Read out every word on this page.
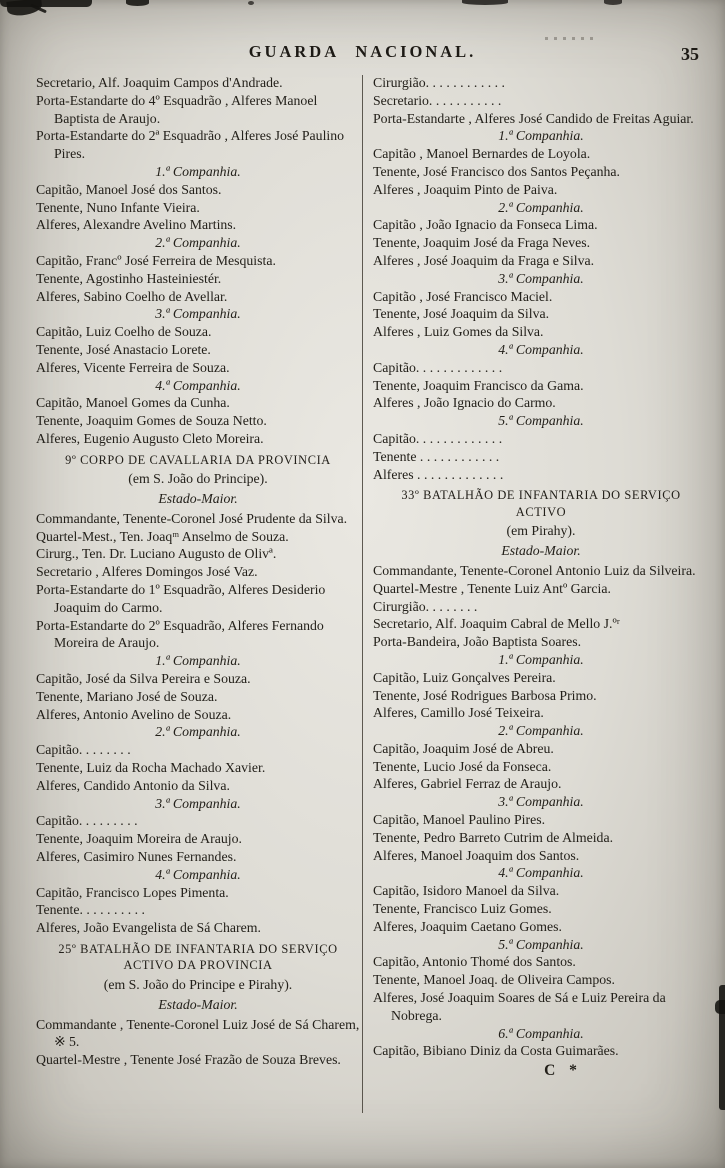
GUARDA NACIONAL.	35

Secretario, Alf. Joaquim Campos d'Andrade.

Porta-Estandarte do 4º Esquadrão , Alferes Manoel Baptista de Araujo.

Porta-Estandarte do 2ª Esquadrão , Alferes José Paulino Pires.

1.ª Companhia.

Capitão, Manoel José dos Santos.

Tenente, Nuno Infante Vieira.

Alferes, Alexandre Avelino Martins.

2.ª Companhia.

Capitão, Francº José Ferreira de Mesquista.

Tenente, Agostinho Hasteiniestér.

Alferes, Sabino Coelho de Avellar.

3.ª Companhia.

Capitão, Luiz Coelho de Souza.

Tenente, José Anastacio Lorete.

Alferes, Vicente Ferreira de Souza.

4.ª Companhia.

Capitão, Manoel Gomes da Cunha.

Tenente, Joaquim Gomes de Souza Netto.

Alferes, Eugenio Augusto Cleto Moreira.

9º CORPO DE CAVALLARIA DA PROVINCIA

(em S. João do Principe).

Estado-Maior.

Commandante, Tenente-Coronel José Prudente da Silva.

Quartel-Mest., Ten. Joaqᵐ Anselmo de Souza.

Cirurg., Ten. Dr. Luciano Augusto de Olivª.

Secretario , Alferes Domingos José Vaz.

Porta-Estandarte do 1º Esquadrão, Alferes Desiderio Joaquim do Carmo.

Porta-Estandarte do 2º Esquadrão, Alferes Fernando Moreira de Araujo.

1.ª Companhia.

Capitão, José da Silva Pereira e Souza.

Tenente, Mariano José de Souza.

Alferes, Antonio Avelino de Souza.

2.ª Companhia.

Capitão. . . . . . . .

Tenente, Luiz da Rocha Machado Xavier.

Alferes, Candido Antonio da Silva.

3.ª Companhia.

Capitão. . . . . . . . .

Tenente, Joaquim Moreira de Araujo.

Alferes, Casimiro Nunes Fernandes.

4.ª Companhia.

Capitão, Francisco Lopes Pimenta.

Tenente. . . . . . . . . .

Alferes, João Evangelista de Sá Charem.

25º BATALHÃO DE INFANTARIA DO SERVIÇO ACTIVO DA PROVINCIA

(em S. João do Principe e Pirahy).

Estado-Maior.

Commandante , Tenente-Coronel Luiz José de Sá Charem, ※ 5.

Quartel-Mestre , Tenente José Frazão de Souza Breves.

Cirurgião. . . . . . . . . . . .

Secretario. . . . . . . . . . .

Porta-Estandarte , Alferes José Candido de Freitas Aguiar.

1.ª Companhia.

Capitão , Manoel Bernardes de Loyola.

Tenente, José Francisco dos Santos Peçanha.

Alferes , Joaquim Pinto de Paiva.

2.ª Companhia.

Capitão , João Ignacio da Fonseca Lima.

Tenente, Joaquim José da Fraga Neves.

Alferes , José Joaquim da Fraga e Silva.

3.ª Companhia.

Capitão , José Francisco Maciel.

Tenente, José Joaquim da Silva.

Alferes , Luiz Gomes da Silva.

4.ª Companhia.

Capitão. . . . . . . . . . . . .

Tenente, Joaquim Francisco da Gama.

Alferes , João Ignacio do Carmo.

5.ª Companhia.

Capitão. . . . . . . . . . . . .

Tenente . . . . . . . . . . . .

Alferes . . . . . . . . . . . . .

33º BATALHÃO DE INFANTARIA DO SERVIÇO ACTIVO

(em Pirahy).

Estado-Maior.

Commandante, Tenente-Coronel Antonio Luiz da Silveira.

Quartel-Mestre , Tenente Luiz Antº Garcia.

Cirurgião. . . . . . . .

Secretario, Alf. Joaquim Cabral de Mello J.ºʳ

Porta-Bandeira, João Baptista Soares.

1.ª Companhia.

Capitão, Luiz Gonçalves Pereira.

Tenente, José Rodrigues Barbosa Primo.

Alferes, Camillo José Teixeira.

2.ª Companhia.

Capitão, Joaquim José de Abreu.

Tenente, Lucio José da Fonseca.

Alferes, Gabriel Ferraz de Araujo.

3.ª Companhia.

Capitão, Manoel Paulino Pires.

Tenente, Pedro Barreto Cutrim de Almeida.

Alferes, Manoel Joaquim dos Santos.

4.ª Companhia.

Capitão, Isidoro Manoel da Silva.

Tenente, Francisco Luiz Gomes.

Alferes, Joaquim Caetano Gomes.

5.ª Companhia.

Capitão, Antonio Thomé dos Santos.

Tenente, Manoel Joaq. de Oliveira Campos.

Alferes, José Joaquim Soares de Sá e Luiz Pereira da Nobrega.

6.ª Companhia.

Capitão, Bibiano Diniz da Costa Guimarães.

C *
